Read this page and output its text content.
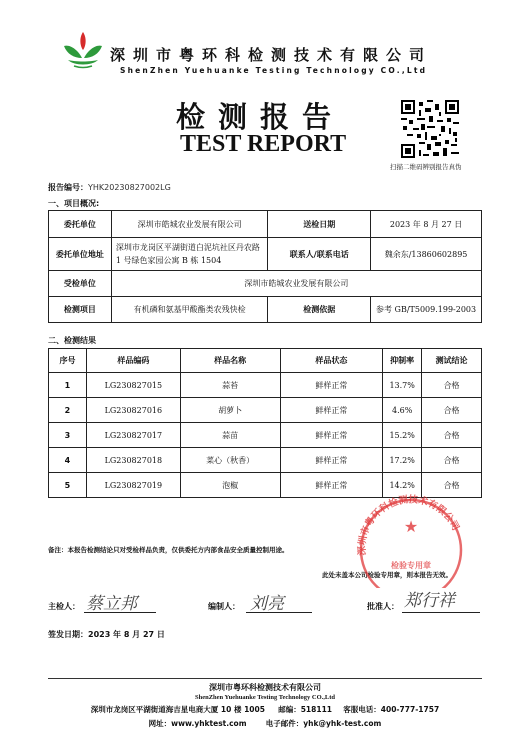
深圳市粤环科检测技术有限公司
ShenZhen Yuehuanke Testing Technology CO.,Ltd
检测报告
TEST REPORT
扫描二维码辨别报告真伪
报告编号：YHK20230827002LG
一、项目概况:
委托单位	深圳市皓城农业发展有限公司	送检日期	2023 年 8 月 27 日
委托单位地址	深圳市龙岗区平湖街道白泥坑社区丹农路 1 号绿色家园公寓 B 栋 1504	联系人/联系电话	魏余东/13860602895
受检单位	深圳市皓城农业发展有限公司		
检测项目	有机磷和氨基甲酸酯类农残快检	检测依据	参考 GB/T5009.199-2003
二、检测结果
序号	样品编码	样品名称	样品状态	抑制率	测试结论
1	LG230827015	蒜苔	鲜样正常	13.7%	合格
2	LG230827016	胡萝卜	鲜样正常	4.6%	合格
3	LG230827017	蒜苗	鲜样正常	15.2%	合格
4	LG230827018	菜心（秋香）	鲜样正常	17.2%	合格
5	LG230827019	泡椒	鲜样正常	14.2%	合格
备注：本报告检测结论只对受检样品负责，仅供委托方内部食品安全质量控制用途。
此处未盖本公司检验专用章，则本报告无效。
深圳市粤环科检测技术有限公司
★
检验专用章
主检人： 蔡立邦	编制人： 刘亮	批准人： 郑行祥
签发日期：2023 年 8 月 27 日
深圳市粤环科检测技术有限公司
ShenZhen Yuehuanke Testing Technology CO.,Ltd
深圳市龙岗区平湖街道海吉星电商大厦 10 楼 1005 邮编：518111 客服电话：400-777-1757
网址：www.yhktest.com	电子邮件：yhk@yhk-test.com
